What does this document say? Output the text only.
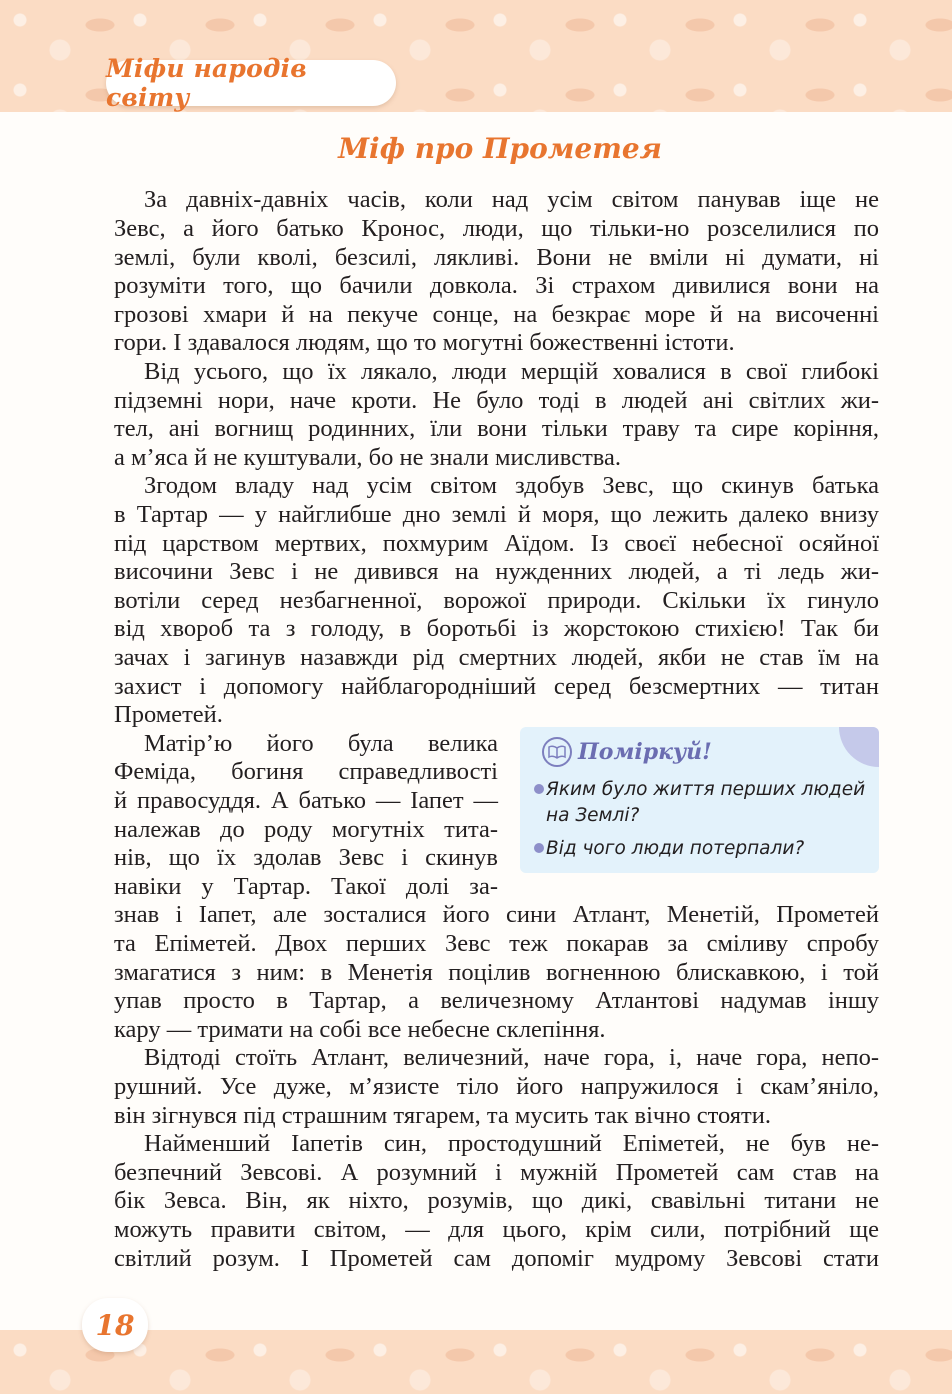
Міфи народів світу
Міф про Прометея
За давніх-давніх часів, коли над усім світом панував іще не
Зевс, а його батько Кронос, люди, що тільки-но розселилися по
землі, були кволі, безсилі, лякливі. Вони не вміли ні думати, ні
розуміти того, що бачили довкола. Зі страхом дивилися вони на
грозові хмари й на пекуче сонце, на безкрає море й на височенні
гори. І здавалося людям, що то могутні божественні істоти.
Від усього, що їх лякало, люди мерщій ховалися в свої глибокі
підземні нори, наче кроти. Не було тоді в людей ані світлих жи-
тел, ані вогнищ родинних, їли вони тільки траву та сире коріння,
а м’яса й не куштували, бо не знали мисливства.
Згодом владу над усім світом здобув Зевс, що скинув батька
в Тартар — у найглибше дно землі й моря, що лежить далеко внизу
під царством мертвих, похмурим Аїдом. Із своєї небесної осяйної
височини Зевс і не дивився на нужденних людей, а ті ледь жи-
вотіли серед незбагненної, ворожої природи. Скільки їх гинуло
від хвороб та з голоду, в боротьбі із жорстокою стихією! Так би
зачах і загинув назавжди рід смертних людей, якби не став їм на
захист і допомогу найблагородніший серед безсмертних — титан
Прометей.
Матір’ю його була велика
Феміда, богиня справедливості
й правосуддя. А батько — Іапет —
належав до роду могутніх тита-
нів, що їх здолав Зевс і скинув
навіки у Тартар. Такої долі за-
знав і Іапет, але зосталися його сини Атлант, Менетій, Прометей
та Епіметей. Двох перших Зевс теж покарав за сміливу спробу
змагатися з ним: в Менетія поцілив вогненною блискавкою, і той
упав просто в Тартар, а величезному Атлантові надумав іншу
кару — тримати на собі все небесне склепіння.
Відтоді стоїть Атлант, величезний, наче гора, і, наче гора, непо-
рушний. Усе дуже, м’язисте тіло його напружилося і скам’яніло,
він зігнувся під страшним тягарем, та мусить так вічно стояти.
Найменший Іапетів син, простодушний Епіметей, не був не-
безпечний Зевсові. А розумний і мужній Прометей сам став на
бік Зевса. Він, як ніхто, розумів, що дикі, свавільні титани не
можуть правити світом, — для цього, крім сили, потрібний ще
світлий розум. І Прометей сам допоміг мудрому Зевсові стати
Поміркуй!
Яким було життя перших людей на Землі?
Від чого люди потерпали?
18
